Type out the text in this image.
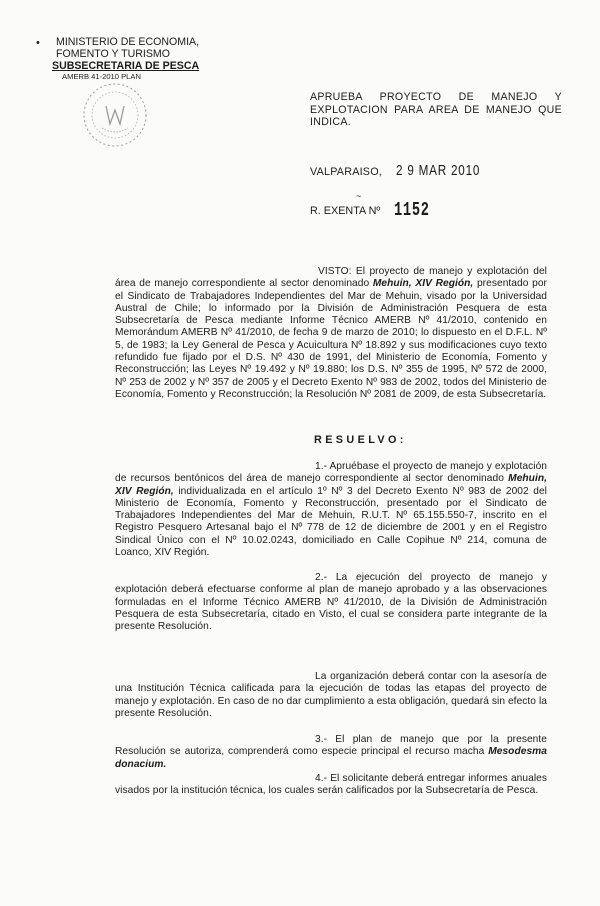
•	MINISTERIO DE ECONOMIA,
FOMENTO Y TURISMO
SUBSECRETARIA DE PESCA
AMERB 41-2010 PLAN
APRUEBA PROYECTO DE MANEJO Y EXPLOTACION PARA AREA DE MANEJO QUE INDICA.
VALPARAISO, 2 9 MAR 2010
~
R. EXENTA Nº 1152
VISTO: El proyecto de manejo y explotación del área de manejo correspondiente al sector denominado Mehuin, XIV Región, presentado por el Sindicato de Trabajadores Independientes del Mar de Mehuin, visado por la Universidad Austral de Chile; lo informado por la División de Administración Pesquera de esta Subsecretaría de Pesca mediante Informe Técnico AMERB Nº 41/2010, contenido en Memorándum AMERB Nº 41/2010, de fecha 9 de marzo de 2010; lo dispuesto en el D.F.L. Nº 5, de 1983; la Ley General de Pesca y Acuicultura Nº 18.892 y sus modificaciones cuyo texto refundido fue fijado por el D.S. Nº 430 de 1991, del Ministerio de Economía, Fomento y Reconstrucción; las Leyes Nº 19.492 y Nº 19.880; los D.S. Nº 355 de 1995, Nº 572 de 2000, Nº 253 de 2002 y Nº 357 de 2005 y el Decreto Exento Nº 983 de 2002, todos del Ministerio de Economía, Fomento y Reconstrucción; la Resolución Nº 2081 de 2009, de esta Subsecretaría.
RESUELVO:
1.- Apruébase el proyecto de manejo y explotación de recursos bentónicos del área de manejo correspondiente al sector denominado Mehuin, XIV Región, individualizada en el artículo 1º Nº 3 del Decreto Exento Nº 983 de 2002 del Ministerio de Economía, Fomento y Reconstrucción, presentado por el Sindicato de Trabajadores Independientes del Mar de Mehuin, R.U.T. Nº 65.155.550-7, inscrito en el Registro Pesquero Artesanal bajo el Nº 778 de 12 de diciembre de 2001 y en el Registro Sindical Único con el Nº 10.02.0243, domiciliado en Calle Copihue Nº 214, comuna de Loanco, XIV Región.
2.- La ejecución del proyecto de manejo y explotación deberá efectuarse conforme al plan de manejo aprobado y a las observaciones formuladas en el Informe Técnico AMERB Nº 41/2010, de la División de Administración Pesquera de esta Subsecretaría, citado en Visto, el cual se considera parte integrante de la presente Resolución.
La organización deberá contar con la asesoría de una Institución Técnica calificada para la ejecución de todas las etapas del proyecto de manejo y explotación. En caso de no dar cumplimiento a esta obligación, quedará sin efecto la presente Resolución.
3.- El plan de manejo que por la presente Resolución se autoriza, comprenderá como especie principal el recurso macha Mesodesma donacium.
4.- El solicitante deberá entregar informes anuales visados por la institución técnica, los cuales serán calificados por la Subsecretaría de Pesca.
